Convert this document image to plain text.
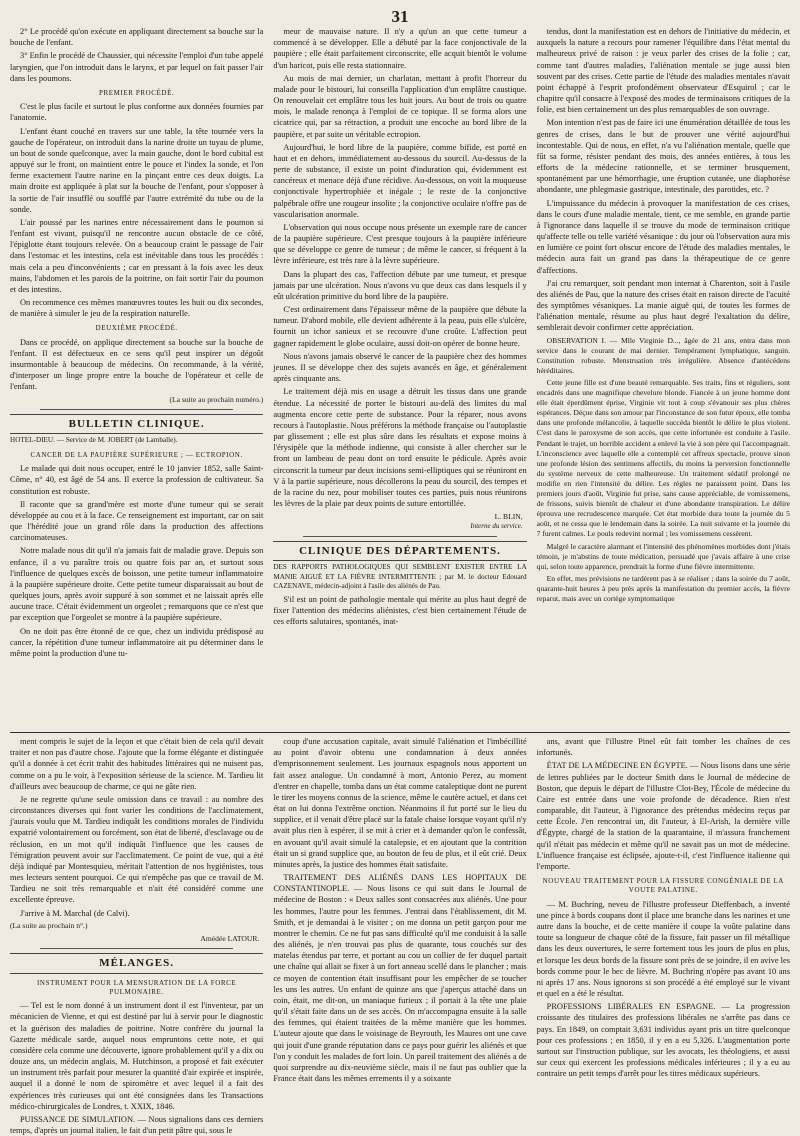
31

2° Le procédé qu'on exécute en appliquant directement sa bouche sur la bouche de l'enfant.

3° Enfin le procédé de Chaussier, qui nécessite l'emploi d'un tube appelé laryngien, que l'on introduit dans le larynx, et par lequel on fait passer l'air dans les poumons.

PREMIER PROCÉDÉ.

C'est le plus facile et surtout le plus conforme aux données fournies par l'anatomie.

L'enfant étant couché en travers sur une table, la tête tournée vers la gauche de l'opérateur, on introduit dans la narine droite un tuyau de plume, un bout de sonde quelconque, avec la main gauche, dont le bord cubital est appuyé sur le front, on maintient entre le pouce et l'index la sonde, et l'on ferme exactement l'autre narine en la pinçant entre ces deux doigts. La main droite est appliquée à plat sur la bouche de l'enfant, pour s'opposer à la sortie de l'air insufflé ou soufflé par l'autre extrémité du tube ou de la sonde.

L'air poussé par les narines entre nécessairement dans le poumon si l'enfant est vivant, puisqu'il ne rencontre aucun obstacle de ce côté, l'épiglotte étant toujours relevée. On a beaucoup craint le passage de l'air dans l'estomac et les intestins, cela est inévitable dans tous les procédés : mais cela a peu d'inconvénients ; car en pressant à la fois avec les deux mains, l'abdomen et les parois de la poitrine, on fait sortir l'air du poumon et des intestins.

On recommence ces mêmes manœuvres toutes les huit ou dix secondes, de manière à simuler le jeu de la respiration naturelle.

DEUXIÈME PROCÉDÉ.

Dans ce procédé, on applique directement sa bouche sur la bouche de l'enfant. Il est défectueux en ce sens qu'il peut inspirer un dégoût insurmontable à beaucoup de médecins. On recommande, à la vérité, d'interposer un linge propre entre la bouche de l'opérateur et celle de l'enfant.

(La suite au prochain numéro.)

BULLETIN CLINIQUE.

HOTEL-DIEU. — Service de M. JOBERT (de Lamballe).

CANCER DE LA PAUPIÈRE SUPÉRIEURE ; — ECTROPION.

Le malade qui doit nous occuper, entré le 10 janvier 1852, salle Saint-Côme, n° 40, est âgé de 54 ans. Il exerce la profession de cultivateur. Sa constitution est robuste.

Il raconte que sa grand'mère est morte d'une tumeur qui se serait développée au cou et à la face. Ce renseignement est important, car on sait que l'hérédité joue un grand rôle dans la production des affections carcinomateuses.

Notre malade nous dit qu'il n'a jamais fait de maladie grave. Depuis son enfance, il a vu paraître trois ou quatre fois par an, et surtout sous l'influence de quelques excès de boisson, une petite tumeur inflammatoire à la paupière supérieure droite. Cette petite tumeur disparaissait au bout de quelques jours, après avoir suppuré à son sommet et ne laissait après elle aucune trace. C'était évidemment un orgeolet ; remarquons que ce n'est que par exception que l'orgeolet se montre à la paupière supérieure.

On ne doit pas être étonné de ce que, chez un individu prédisposé au cancer, la répétition d'une tumeur inflammatoire ait pu déterminer dans le même point la production d'une tu-

meur de mauvaise nature. Il n'y a qu'un an que cette tumeur a commencé à se développer. Elle a débuté par la face conjonctivale de la paupière ; elle était parfaitement circonscrite, elle acquit bientôt le volume d'un haricot, puis elle resta stationnaire.

Au mois de mai dernier, un charlatan, mettant à profit l'horreur du malade pour le bistouri, lui conseilla l'application d'un emplâtre caustique. On renouvelait cet emplâtre tous les huit jours. Au bout de trois ou quatre mois, le malade renonça à l'emploi de ce topique. Il se forma alors une cicatrice qui, par sa rétraction, a produit une encoche au bord libre de la paupière, et par suite un véritable ectropion.

Aujourd'hui, le bord libre de la paupière, comme bifide, est porté en haut et en dehors, immédiatement au-dessous du sourcil. Au-dessus de la perte de substance, il existe un point d'induration qui, évidemment est cancéreux et menace déjà d'une récidive. Au-dessous, on voit la muqueuse conjonctivale hypertrophiée et inégale ; le reste de la conjonctive palpébrale offre une rougeur insolite ; la conjonctive oculaire n'offre pas de vascularisation anormale.

L'observation qui nous occupe nous présente un exemple rare de cancer de la paupière supérieure. C'est presque toujours à la paupière inférieure que se développe ce genre de tumeur ; de même le cancer, si fréquent à la lèvre inférieure, est très rare à la lèvre supérieure.

Dans la plupart des cas, l'affection débute par une tumeur, et presque jamais par une ulcération. Nous n'avons vu que deux cas dans lesquels il y eût ulcération primitive du bord libre de la paupière.

C'est ordinairement dans l'épaisseur même de la paupière que débute la tumeur. D'abord mobile, elle devient adhérente à la peau, puis elle s'ulcère, fournit un ichor sanieux et se recouvre d'une croûte. L'affection peut gagner rapidement le globe oculaire, aussi doit-on opérer de bonne heure.

Nous n'avons jamais observé le cancer de la paupière chez des hommes jeunes. Il se développe chez des sujets avancés en âge, et généralement après cinquante ans.

Le traitement déjà mis en usage a détruit les tissus dans une grande étendue. La nécessité de porter le bistouri au-delà des limites du mal augmenta encore cette perte de substance. Pour la réparer, nous avons recours à l'autoplastie. Nous préférons la méthode française ou l'autoplastie par glissement ; elle est plus sûre dans les résultats et expose moins à l'érysipèle que la méthode indienne, qui consiste à aller chercher sur le front un lambeau de peau dont on tord ensuite le pédicule. Après avoir circonscrit la tumeur par deux incisions semi-elliptiques qui se réuniront en V à la partie supérieure, nous décollerons la peau du sourcil, des tempes et de la racine du nez, pour mobiliser toutes ces parties, puis nous réunirons les lèvres de la plaie par deux points de suture entortillée.

L. BLIN,

Interne du service.

CLINIQUE DES DÉPARTEMENTS.

DES RAPPORTS PATHOLOGIQUES QUI SEMBLENT EXISTER ENTRE LA MANIE AIGUË ET LA FIÈVRE INTERMITTENTE ; par M. le docteur Edouard CAZENAVE, médecin-adjoint à l'asile des aliénés de Pau.

S'il est un point de pathologie mentale qui mérite au plus haut degré de fixer l'attention des médecins aliénistes, c'est bien certainement l'étude de ces efforts salutaires, spontanés, inat-

tendus, dont la manifestation est en dehors de l'initiative du médecin, et auxquels la nature a recours pour ramener l'équilibre dans l'état mental du malheureux privé de raison : je veux parler des crises de la folie ; car, comme tant d'autres maladies, l'aliénation mentale se juge aussi bien souvent par des crises. Cette partie de l'étude des maladies mentales n'avait point échappé à l'esprit profondément observateur d'Esquirol ; car le chapitre qu'il consacre à l'exposé des modes de terminaisons critiques de la folie, est bien certainement un des plus remarquables de son ouvrage.

Mon intention n'est pas de faire ici une énumération détaillée de tous les genres de crises, dans le but de prouver une vérité aujourd'hui incontestable. Qui de nous, en effet, n'a vu l'aliénation mentale, quelle que fût sa forme, résister pendant des mois, des années entières, à tous les efforts de la médecine rationnelle, et se terminer brusquement, spontanément par une hémorrhagie, une éruption cutanée, une diaphorèse abondante, une phlegmasie gastrique, intestinale, des parotides, etc. ?

L'impuissance du médecin à provoquer la manifestation de ces crises, dans le cours d'une maladie mentale, tient, ce me semble, en grande partie à l'ignorance dans laquelle il se trouve du mode de terminaison critique qu'affecte telle ou telle variété vésanique : du jour où l'observation aura mis en lumière ce point fort obscur encore de l'étude des maladies mentales, le médecin aura fait un grand pas dans la thérapeutique de ce genre d'affections.

J'ai cru remarquer, soit pendant mon internat à Charenton, soit à l'asile des aliénés de Pau, que la nature des crises était en raison directe de l'acuité des symptômes vésaniques. La manie aiguë qui, de toutes les formes de l'aliénation mentale, résume au plus haut degré l'exaltation du délire, semblerait devoir confirmer cette appréciation.

OBSERVATION I. — Mlle Virginie D..., âgée de 21 ans, entra dans mon service dans le courant de mai dernier. Tempérament lymphatique, sanguin. Constitution robuste. Menstruation très irrégulière. Absence d'antécédens héréditaires.

Cette jeune fille est d'une beauté remarquable. Ses traits, fins et réguliers, sont encadrés dans une magnifique chevelure blonde. Fiancée à un jeune homme dont elle était éperdûment éprise, Virginie vit tout à coup s'évanouir ses plus chères espérances. Déçue dans son amour par l'inconstance de son futur époux, elle tomba dans une profonde mélancolie, à laquelle succéda bientôt le délire le plus violent. C'est dans le paroxysme de son accès, que cette infortunée est conduite à l'asile. Pendant le trajet, un horrible accident a enlevé la vie à son père qui l'accompagnait. L'inconscience avec laquelle elle a contemplé cet affreux spectacle, prouve sinon une profonde lésion des sentimens affectifs, du moins la perversion fonctionnelle du système nerveux de cette malheureuse. Un traitement sédatif prolongé ne modifie en rien l'intensité du délire. Les règles ne paraissent point. Dans les premiers jours d'août, Virginie fut prise, sans cause appréciable, de vomissemens, de frissons, suivis bientôt de chaleur et d'une abondante transpiration. Le délire éprouva une recrudescence marquée. Cet état morbide dura toute la journée du 5 août, et ne cessa que le lendemain dans la soirée. La nuit suivante et la journée du 7 furent calmes. Le pouls redevint normal ; les vomissemens cessèrent.

Malgré le caractère alarmant et l'intensité des phénomènes morbides dont j'étais témoin, je m'abstins de toute médication, persuadé que j'avais affaire à une crise qui, selon toute apparence, prendrait la forme d'une fièvre intermittente.

En effet, mes prévisions ne tardèrent pas à se réaliser ; dans la soirée du 7 août, quarante-huit heures à peu près après la manifestation du premier accès, la fièvre reparut, mais avec un cortège symptomatique

ment compris le sujet de la leçon et que c'était bien de cela qu'il devait traiter et non pas d'autre chose. J'ajoute que la forme élégante et distinguée qu'il a donnée à cet écrit trahit des habitudes littéraires qui ne nuisent pas, comme on a pu le voir, à l'exposition sérieuse de la science. M. Tardieu lit d'ailleurs avec beaucoup de charme, ce qui ne gâte rien.

Je ne regrette qu'une seule omission dans ce travail : au nombre des circonstances diverses qui font varier les conditions de l'acclimatement, j'aurais voulu que M. Tardieu indiquât les conditions morales de l'individu expatrié volontairement ou forcément, son état de liberté, d'esclavage ou de réclusion, en un mot qu'il indiquât l'influence que les causes de l'émigration peuvent avoir sur l'acclimatement. Ce point de vue, qui a été déjà indiqué par Montesquieu, méritait l'attention de nos hygiénistes, tous mes lecteurs sentent pourquoi. Ce qui n'empêche pas que ce travail de M. Tardieu ne soit très remarquable et n'ait été considéré comme une excellente épreuve.

J'arrive à M. Marchal (de Calvi).

(La suite au prochain n°.)

Amédée LATOUR.

MÉLANGES.

INSTRUMENT POUR LA MENSURATION DE LA FORCE PULMONAIRE.

— Tel est le nom donné à un instrument dont il est l'inventeur, par un mécanicien de Vienne, et qui est destiné par lui à servir pour le diagnostic et la guérison des maladies de poitrine. Notre confrère du journal la Gazette médicale sarde, auquel nous empruntons cette note, et qui considère cela comme une découverte, ignore probablement qu'il y a dix ou douze ans, un médecin anglais, M. Hutchinson, a proposé et fait exécuter un instrument très parfait pour mesurer la quantité d'air expirée et inspirée, auquel il a donné le nom de spiromètre et avec lequel il a fait des expériences très curieuses qui ont été consignées dans les Transactions médico-chirurgicales de Londres, t. XXIX, 1846.

PUISSANCE DE SIMULATION. — Nous signalions dans ces derniers temps, d'après un journal italien, le fait d'un petit pâtre qui, sous le

coup d'une accusation capitale, avait simulé l'aliénation et l'imbécillité au point d'avoir obtenu une condamnation à deux années d'emprisonnement seulement. Les journaux espagnols nous apportent un fait assez analogue. Un condamné à mort, Antonio Perez, au moment d'entrer en chapelle, tomba dans un état comme cataleptique dont ne purent le tirer les moyens connus de la science, même le cautère actuel, et dans cet état on lui donna l'extrême onction. Néanmoins il fut porté sur le lieu du supplice, et il venait d'être placé sur la fatale chaise lorsque voyant qu'il n'y avait plus rien à espérer, il se mit à crier et à demander qu'on le confessât, en avouant qu'il avait simulé la catalepsie, et en ajoutant que la contrition était un si grand supplice que, au bouton de feu de plus, et il eût crié. Deux minutes après, la justice des hommes était satisfaite.

TRAITEMENT DES ALIÉNÉS DANS LES HOPITAUX DE CONSTANTINOPLE. — Nous lisons ce qui suit dans le Journal de médecine de Boston : « Deux salles sont consacrées aux aliénés. Une pour les hommes, l'autre pour les femmes. J'entrai dans l'établissement, dit M. Smith, et je demandai à le visiter ; on me donna un petit garçon pour me montrer le chemin. Ce ne fut pas sans difficulté qu'il me conduisit à la salle des aliénés, je n'en trouvai pas plus de quarante, tous couchés sur des matelas étendus par terre, et portant au cou un collier de fer duquel partait une chaîne qui allait se fixer à un fort anneau scellé dans le plancher ; mais ce moyen de contention était insuffisant pour les empêcher de se toucher les uns les autres. Un enfant de quinze ans que j'aperçus attaché dans un coin, était, me dit-on, un maniaque furieux ; il portait à la tête une plaie qu'il s'était faite dans un de ses accès. On m'accompagna ensuite à la salle des femmes, qui étaient traitées de la même manière que les hommes. L'auteur ajoute que dans le voisinage de Beyrouth, les Maures ont une cave qui jouit d'une grande réputation dans ce pays pour guérir les aliénés et que l'on y conduit les malades de fort loin. Un pareil traitement des aliénés a de quoi surprendre au dix-neuvième siècle, mais il ne faut pas oublier que la France était dans les mêmes errements il y a soixante

ans, avant que l'illustre Pinel eût fait tomber les chaînes de ces infortunés.

ÉTAT DE LA MÉDECINE EN ÉGYPTE. — Nous lisons dans une série de lettres publiées par le docteur Smith dans le Journal de médecine de Boston, que depuis le départ de l'illustre Clot-Bey, l'École de médecine du Caire est entrée dans une voie profonde de décadence. Rien n'est comparable, dit l'auteur, à l'ignorance des prétendus médecins reçus par cette École. J'en rencontrai un, dit l'auteur, à El-Arish, la dernière ville d'Égypte, chargé de la station de la quarantaine, il m'assura franchement qu'il n'était pas médecin et même qu'il ne savait pas un mot de médecine. L'influence française est éclipsée, ajoute-t-il, c'est l'influence italienne qui l'emporte.

NOUVEAU TRAITEMENT POUR LA FISSURE CONGÉNIALE DE LA VOUTE PALATINE.

— M. Buchring, neveu de l'illustre professeur Dieffenbach, a inventé une pince à bords coupans dont il place une branche dans les narines et une autre dans la bouche, et de cette manière il coupe la voûte palatine dans toute sa longueur de chaque côté de la fissure, fait passer un fil métallique dans les deux ouvertures, le serre fortement tous les jours de plus en plus, et lorsque les deux bords de la fissure sont près de se joindre, il en avive les bords comme pour le bec de lièvre. M. Buchring n'opère pas avant 10 ans ni après 17 ans. Nous ignorons si son procédé a été employé sur le vivant et quel en a été le résultat.

PROFESSIONS LIBÉRALES EN ESPAGNE. — La progression croissante des titulaires des professions libérales ne s'arrête pas dans ce pays. En 1849, on comptait 3,631 individus ayant pris un titre quelconque pour ces professions ; en 1850, il y en a eu 5,326. L'augmentation porte surtout sur l'instruction publique, sur les avocats, les théologiens, et aussi sur ceux qui exercent les professions médicales inférieures ; il y a eu au contraire un petit temps d'arrêt pour les titres médicaux supérieurs.
